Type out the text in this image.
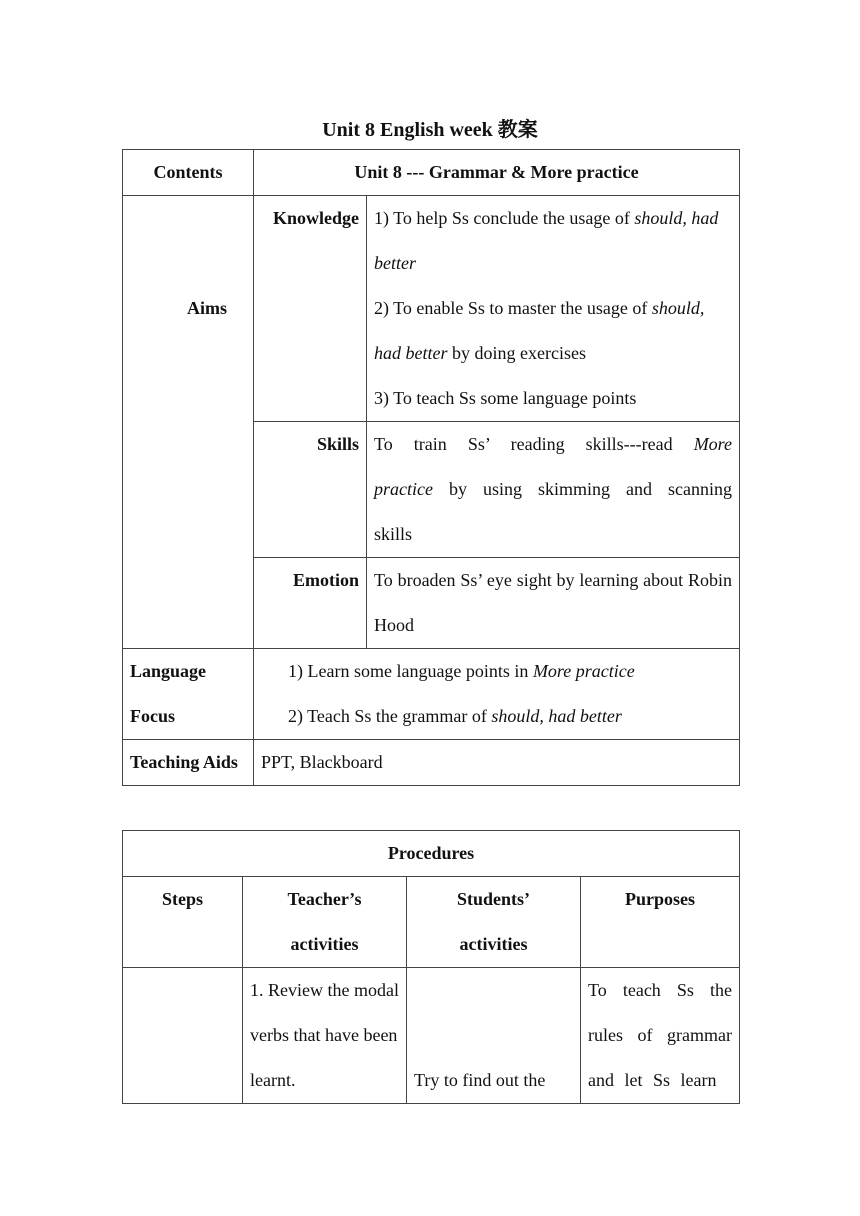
Unit 8 English week 教案
Contents	Unit 8 --- Grammar & More practice	
Aims	Knowledge	1) To help Ss conclude the usage of should, had better
2) To enable Ss to master the usage of should, had better by doing exercises
3) To teach Ss some language points

	Skills	To train Ss’ reading skills---read More practice by using skimming and scanning skills
	Emotion	To broaden Ss’ eye sight by learning about Robin Hood
Language Focus	1) Learn some language points in More practice
2) Teach Ss the grammar of should, had better	

Teaching Aids	PPT, Blackboard	
Procedures			
Steps	Teacher’s activities	Students’ activities	Purposes
	1. Review the modal verbs that have been learnt.	Try to find out the	To teach Ss the rules of grammar and let Ss learn
